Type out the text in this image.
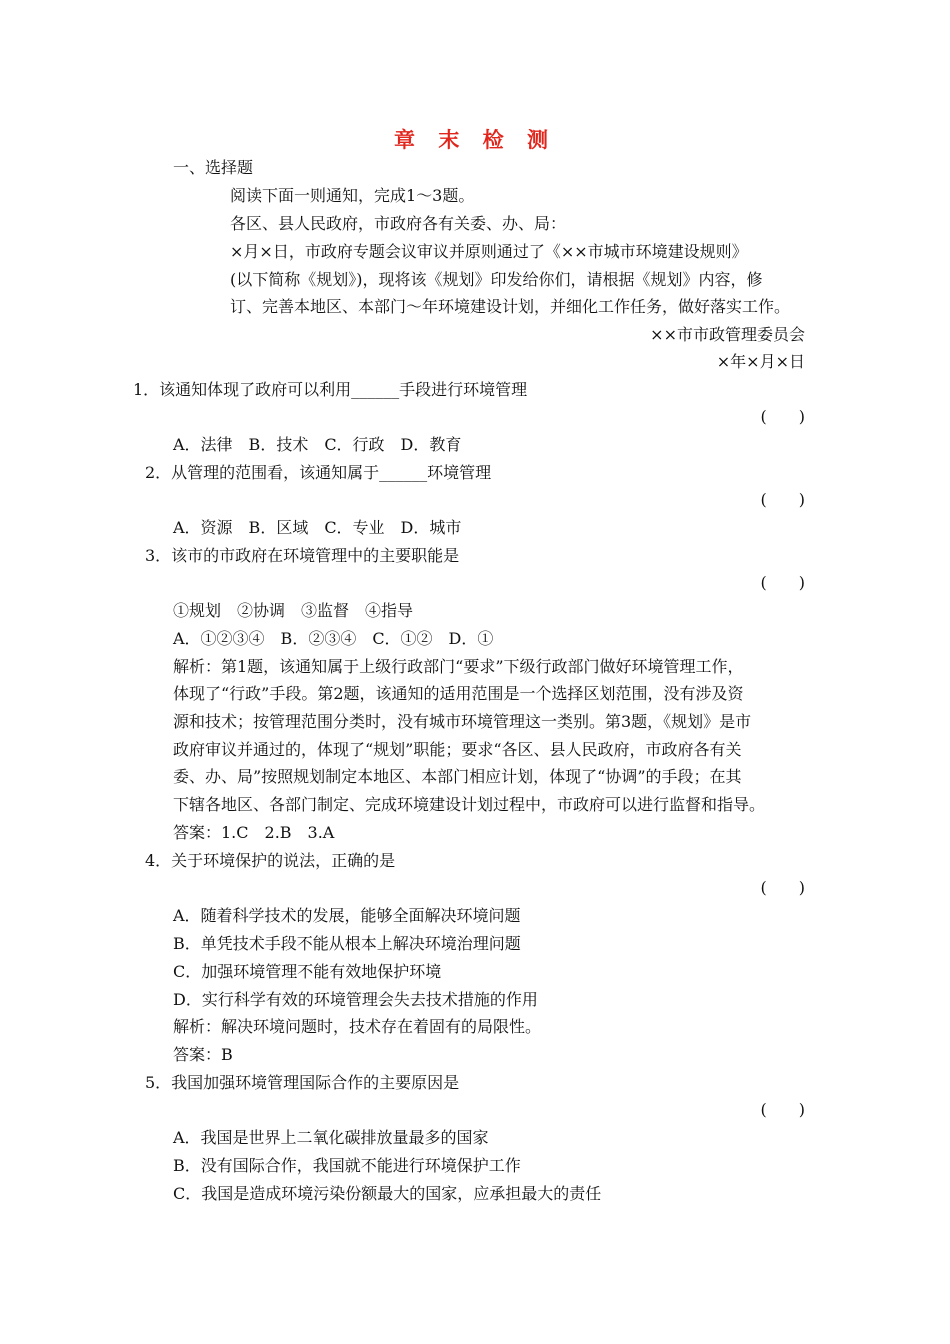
章 末 检 测
一、选择题
阅读下面一则通知，完成1～3题。
各区、县人民政府，市政府各有关委、办、局：
×月×日，市政府专题会议审议并原则通过了《××市城市环境建设规则》
(以下简称《规划》)，现将该《规划》印发给你们，请根据《规划》内容，修
订、完善本地区、本部门～年环境建设计划，并细化工作任务，做好落实工作。
××市市政管理委员会
×年×月×日
1．该通知体现了政府可以利用______手段进行环境管理
(　　)
A．法律　B．技术　C．行政　D．教育
2．从管理的范围看，该通知属于______环境管理
(　　)
A．资源　B．区域　C．专业　D．城市
3．该市的市政府在环境管理中的主要职能是
(　　)
①规划　②协调　③监督　④指导
A．①②③④　B．②③④　C．①②　D．①
解析：第1题，该通知属于上级行政部门“要求”下级行政部门做好环境管理工作，
体现了“行政”手段。第2题，该通知的适用范围是一个选择区划范围，没有涉及资
源和技术；按管理范围分类时，没有城市环境管理这一类别。第3题，《规划》是市
政府审议并通过的，体现了“规划”职能；要求“各区、县人民政府，市政府各有关
委、办、局”按照规划制定本地区、本部门相应计划，体现了“协调”的手段；在其
下辖各地区、各部门制定、完成环境建设计划过程中，市政府可以进行监督和指导。
答案：1.C　2.B　3.A
4．关于环境保护的说法，正确的是
(　　)
A．随着科学技术的发展，能够全面解决环境问题
B．单凭技术手段不能从根本上解决环境治理问题
C．加强环境管理不能有效地保护环境
D．实行科学有效的环境管理会失去技术措施的作用
解析：解决环境问题时，技术存在着固有的局限性。
答案：B
5．我国加强环境管理国际合作的主要原因是
(　　)
A．我国是世界上二氧化碳排放量最多的国家
B．没有国际合作，我国就不能进行环境保护工作
C．我国是造成环境污染份额最大的国家，应承担最大的责任
